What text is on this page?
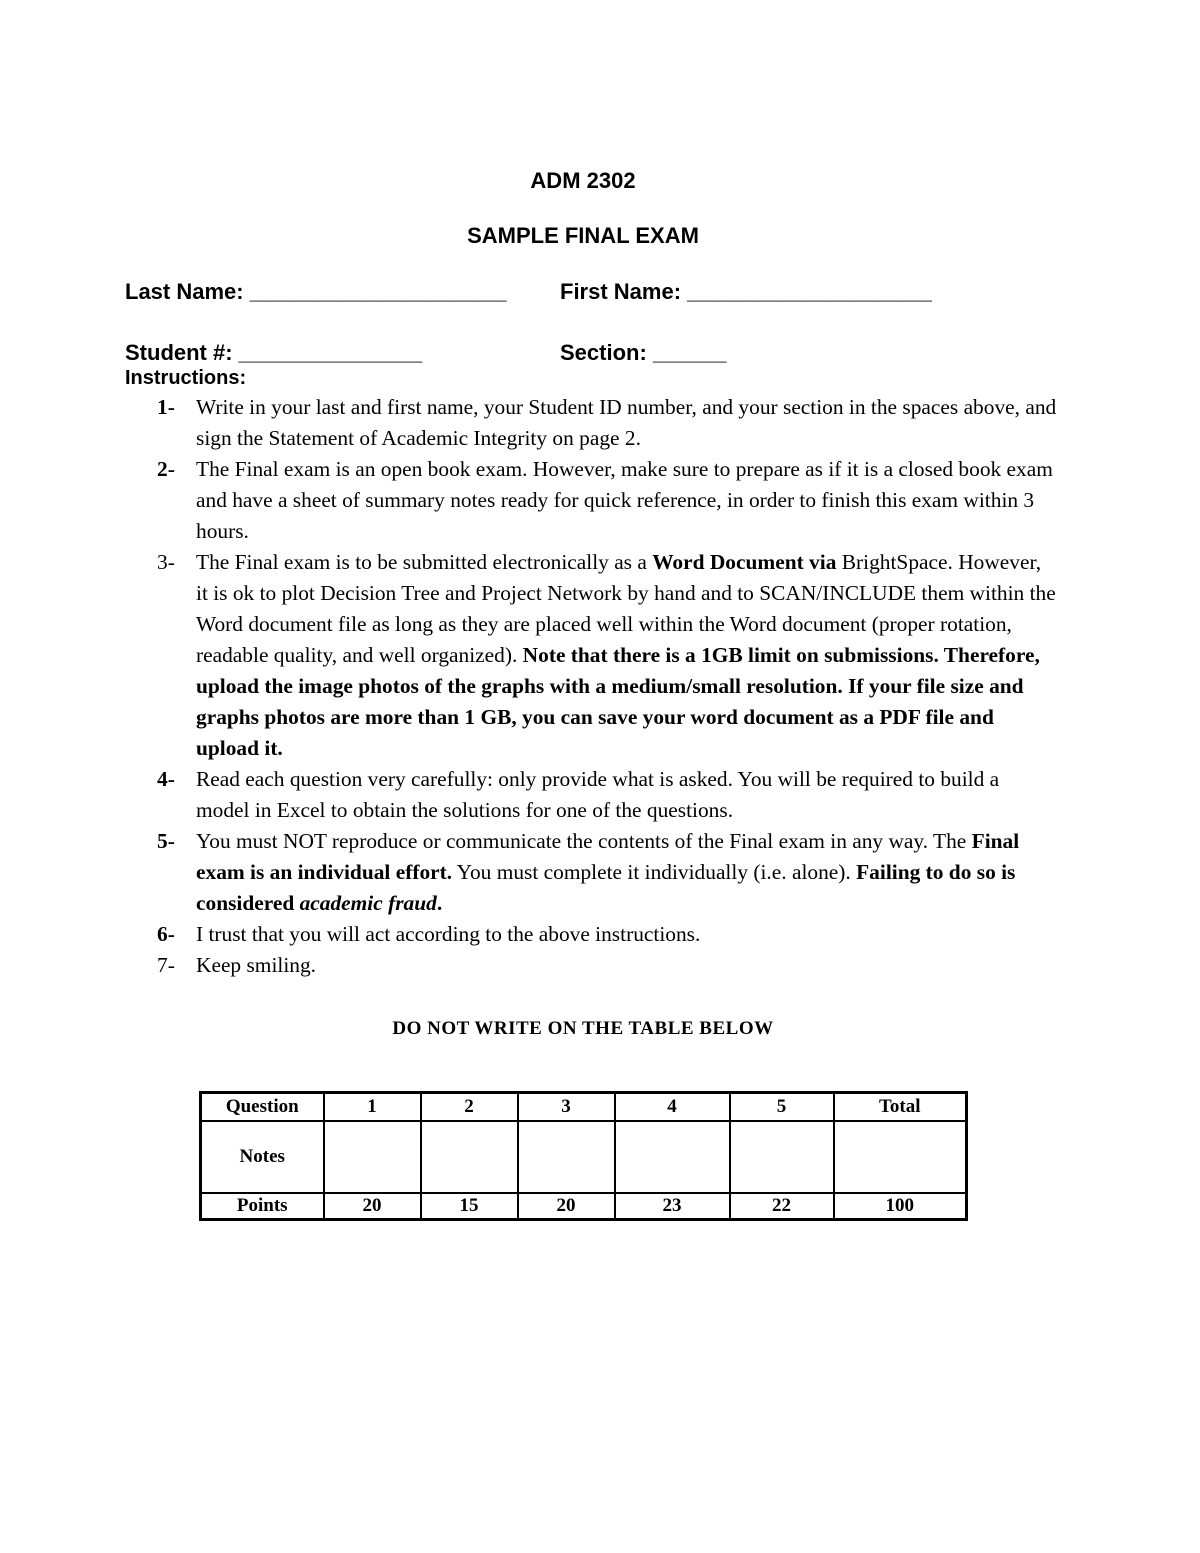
ADM 2302
SAMPLE FINAL EXAM
Last Name: _____________________ First Name: ____________________
Student #: _______________	Section: ______
Instructions:
1- Write in your last and first name, your Student ID number, and your section in the spaces above, and sign the Statement of Academic Integrity on page 2.
2- The Final exam is an open book exam. However, make sure to prepare as if it is a closed book exam and have a sheet of summary notes ready for quick reference, in order to finish this exam within 3 hours.
3- The Final exam is to be submitted electronically as a Word Document via BrightSpace. However, it is ok to plot Decision Tree and Project Network by hand and to SCAN/INCLUDE them within the Word document file as long as they are placed well within the Word document (proper rotation, readable quality, and well organized). Note that there is a 1GB limit on submissions. Therefore, upload the image photos of the graphs with a medium/small resolution. If your file size and graphs photos are more than 1 GB, you can save your word document as a PDF file and upload it.
4- Read each question very carefully: only provide what is asked. You will be required to build a model in Excel to obtain the solutions for one of the questions.
5- You must NOT reproduce or communicate the contents of the Final exam in any way. The Final exam is an individual effort. You must complete it individually (i.e. alone). Failing to do so is considered academic fraud.
6- I trust that you will act according to the above instructions.
7- Keep smiling.
DO NOT WRITE ON THE TABLE BELOW
Question	1	2	3	4	5	Total
Notes						
Points	20	15	20	23	22	100
